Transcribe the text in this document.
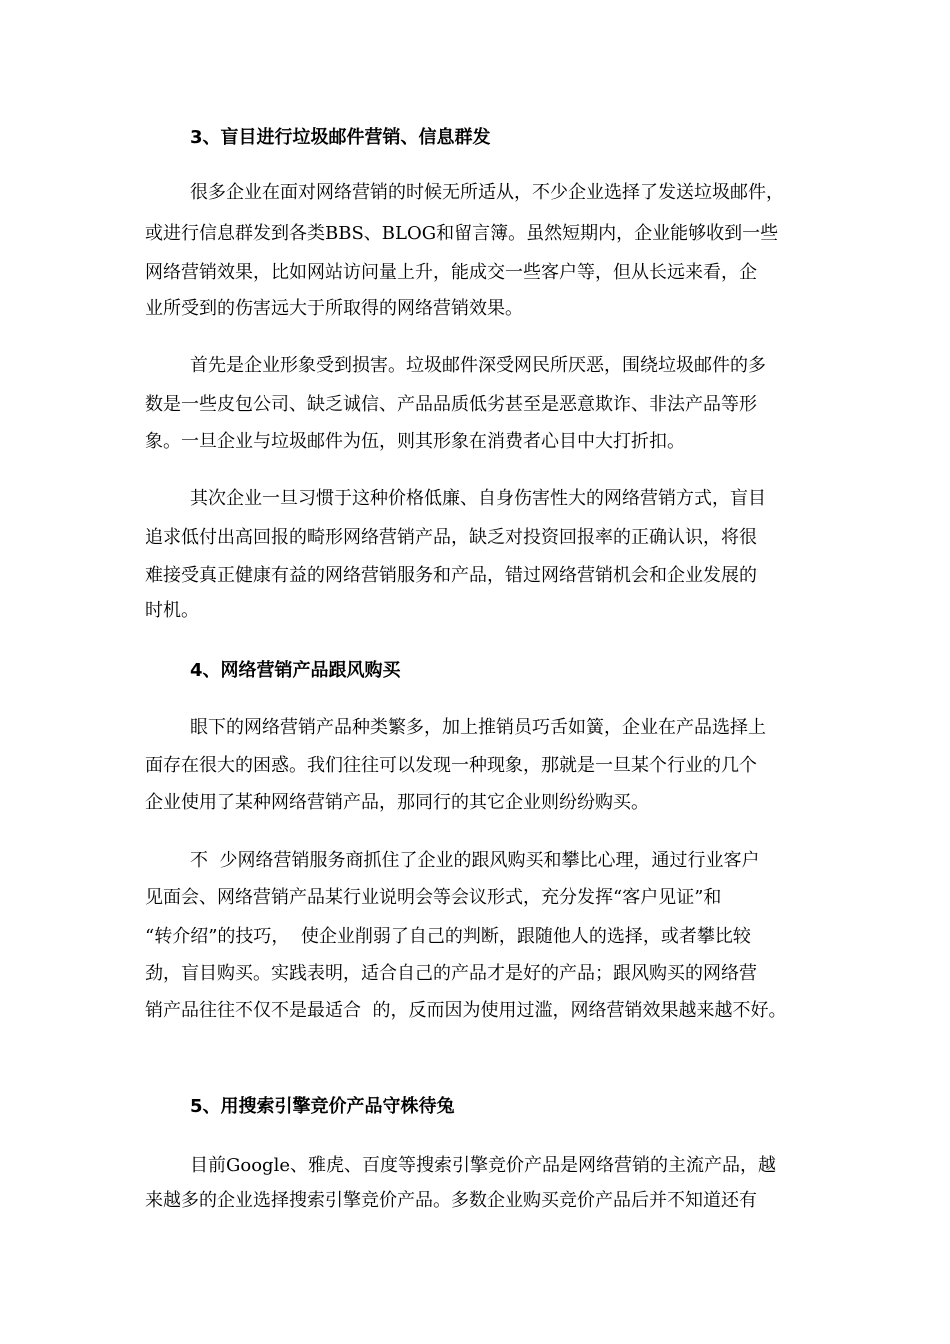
3、盲目进行垃圾邮件营销、信息群发

很多企业在面对网络营销的时候无所适从，不少企业选择了发送垃圾邮件，

或进行信息群发到各类BBS、BLOG和留言簿。虽然短期内，企业能够收到一些

网络营销效果，比如网站访问量上升，能成交一些客户等，但从长远来看，企

业所受到的伤害远大于所取得的网络营销效果。

首先是企业形象受到损害。垃圾邮件深受网民所厌恶，围绕垃圾邮件的多

数是一些皮包公司、缺乏诚信、产品品质低劣甚至是恶意欺诈、非法产品等形

象。一旦企业与垃圾邮件为伍，则其形象在消费者心目中大打折扣。

其次企业一旦习惯于这种价格低廉、自身伤害性大的网络营销方式，盲目

追求低付出高回报的畸形网络营销产品，缺乏对投资回报率的正确认识，将很

难接受真正健康有益的网络营销服务和产品，错过网络营销机会和企业发展的

时机。

4、网络营销产品跟风购买

眼下的网络营销产品种类繁多，加上推销员巧舌如簧，企业在产品选择上

面存在很大的困惑。我们往往可以发现一种现象，那就是一旦某个行业的几个

企业使用了某种网络营销产品，那同行的其它企业则纷纷购买。

不  少网络营销服务商抓住了企业的跟风购买和攀比心理，通过行业客户

见面会、网络营销产品某行业说明会等会议形式，充分发挥“客户见证”和

“转介绍”的技巧，  使企业削弱了自己的判断，跟随他人的选择，或者攀比较

劲，盲目购买。实践表明，适合自己的产品才是好的产品；跟风购买的网络营

销产品往往不仅不是最适合  的，反而因为使用过滥，网络营销效果越来越不好。

5、用搜索引擎竞价产品守株待兔

目前Google、雅虎、百度等搜索引擎竞价产品是网络营销的主流产品，越

来越多的企业选择搜索引擎竞价产品。多数企业购买竞价产品后并不知道还有
